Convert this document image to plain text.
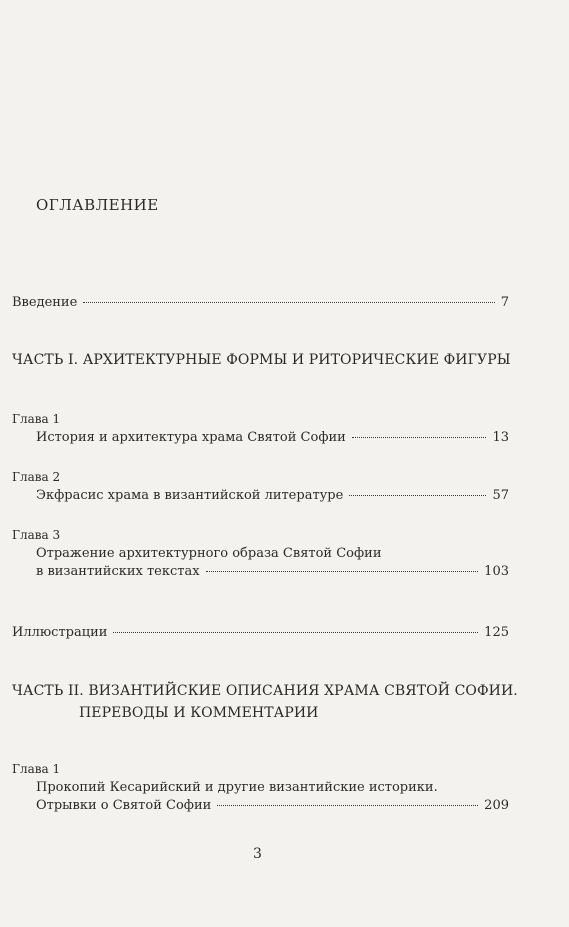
ОГЛАВЛЕНИЕ
Введение	7
ЧАСТЬ I. АРХИТЕКТУРНЫЕ ФОРМЫ И РИТОРИЧЕСКИЕ ФИГУРЫ
Глава 1
История и архитектура храма Святой Софии	13
Глава 2
Экфрасис храма в византийской литературе	57
Глава 3
Отражение архитектурного образа Святой Софии
в византийских текстах	103
Иллюстрации	125
ЧАСТЬ II. ВИЗАНТИЙСКИЕ ОПИСАНИЯ ХРАМА СВЯТОЙ СОФИИ.
ПЕРЕВОДЫ И КОММЕНТАРИИ
Глава 1
Прокопий Кесарийский и другие византийские историки.
Отрывки о Святой Софии	209
3
